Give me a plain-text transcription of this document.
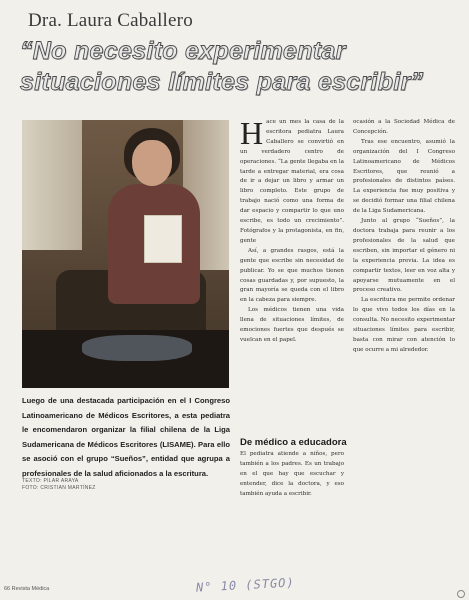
Dra. Laura Caballero
“No necesito experimentar
situaciones límites para escribir”
Luego de una destacada participación en el I Congreso Latinoamericano de Médicos Escritores, a esta pediatra le encomendaron organizar la filial chilena de la Liga Sudamericana de Médicos Escritores (LISAME). Para ello se asoció con el grupo “Sueños”, entidad que agrupa a profesionales de la salud aficionados a la escritura.
TEXTO: PILAR ARAYA
FOTO: CRISTIAN MARTÍNEZ

Hace un mes la casa de la escritora pediatra Laura Caballero se convirtió en un verdadero centro de operaciones. “La gente llegaba en la tarde a entregar material, era cosa de ir a dejar un libro y armar un libro completo. Este grupo de trabajo nació como una forma de dar espacio y compartir lo que uno escribe, es todo un crecimiento”. Fotógrafos y la protagonista, en fin, gente

Así, a grandes rasgos, está la gente que escribe sin necesidad de publicar. Yo se que muchos tienen cosas guardadas y, por supuesto, la gran mayoría se queda con el libro en la cabeza para siempre.

Los médicos tienen una vida llena de situaciones límites, de emociones fuertes que después se vuelcan en el papel.

De médico a educadora

El pediatra atiende a niños, pero también a los padres. Es un trabajo en el que hay que escuchar y entender, dice la doctora, y eso también ayuda a escribir.

ocasión a la Sociedad Médica de Concepción.

Tras ese encuentro, asumió la organización del I Congreso Latinoamericano de Médicos Escritores, que reunió a profesionales de distintos países. La experiencia fue muy positiva y se decidió formar una filial chilena de la Liga Sudamericana.

Junto al grupo “Sueños”, la doctora trabaja para reunir a los profesionales de la salud que escriben, sin importar el género ni la experiencia previa. La idea es compartir textos, leer en voz alta y apoyarse mutuamente en el proceso creativo.

La escritura me permite ordenar lo que vivo todos los días en la consulta. No necesito experimentar situaciones límites para escribir, basta con mirar con atención lo que ocurre a mi alrededor.

66 Revista Médica	N° 10 (STGO)
